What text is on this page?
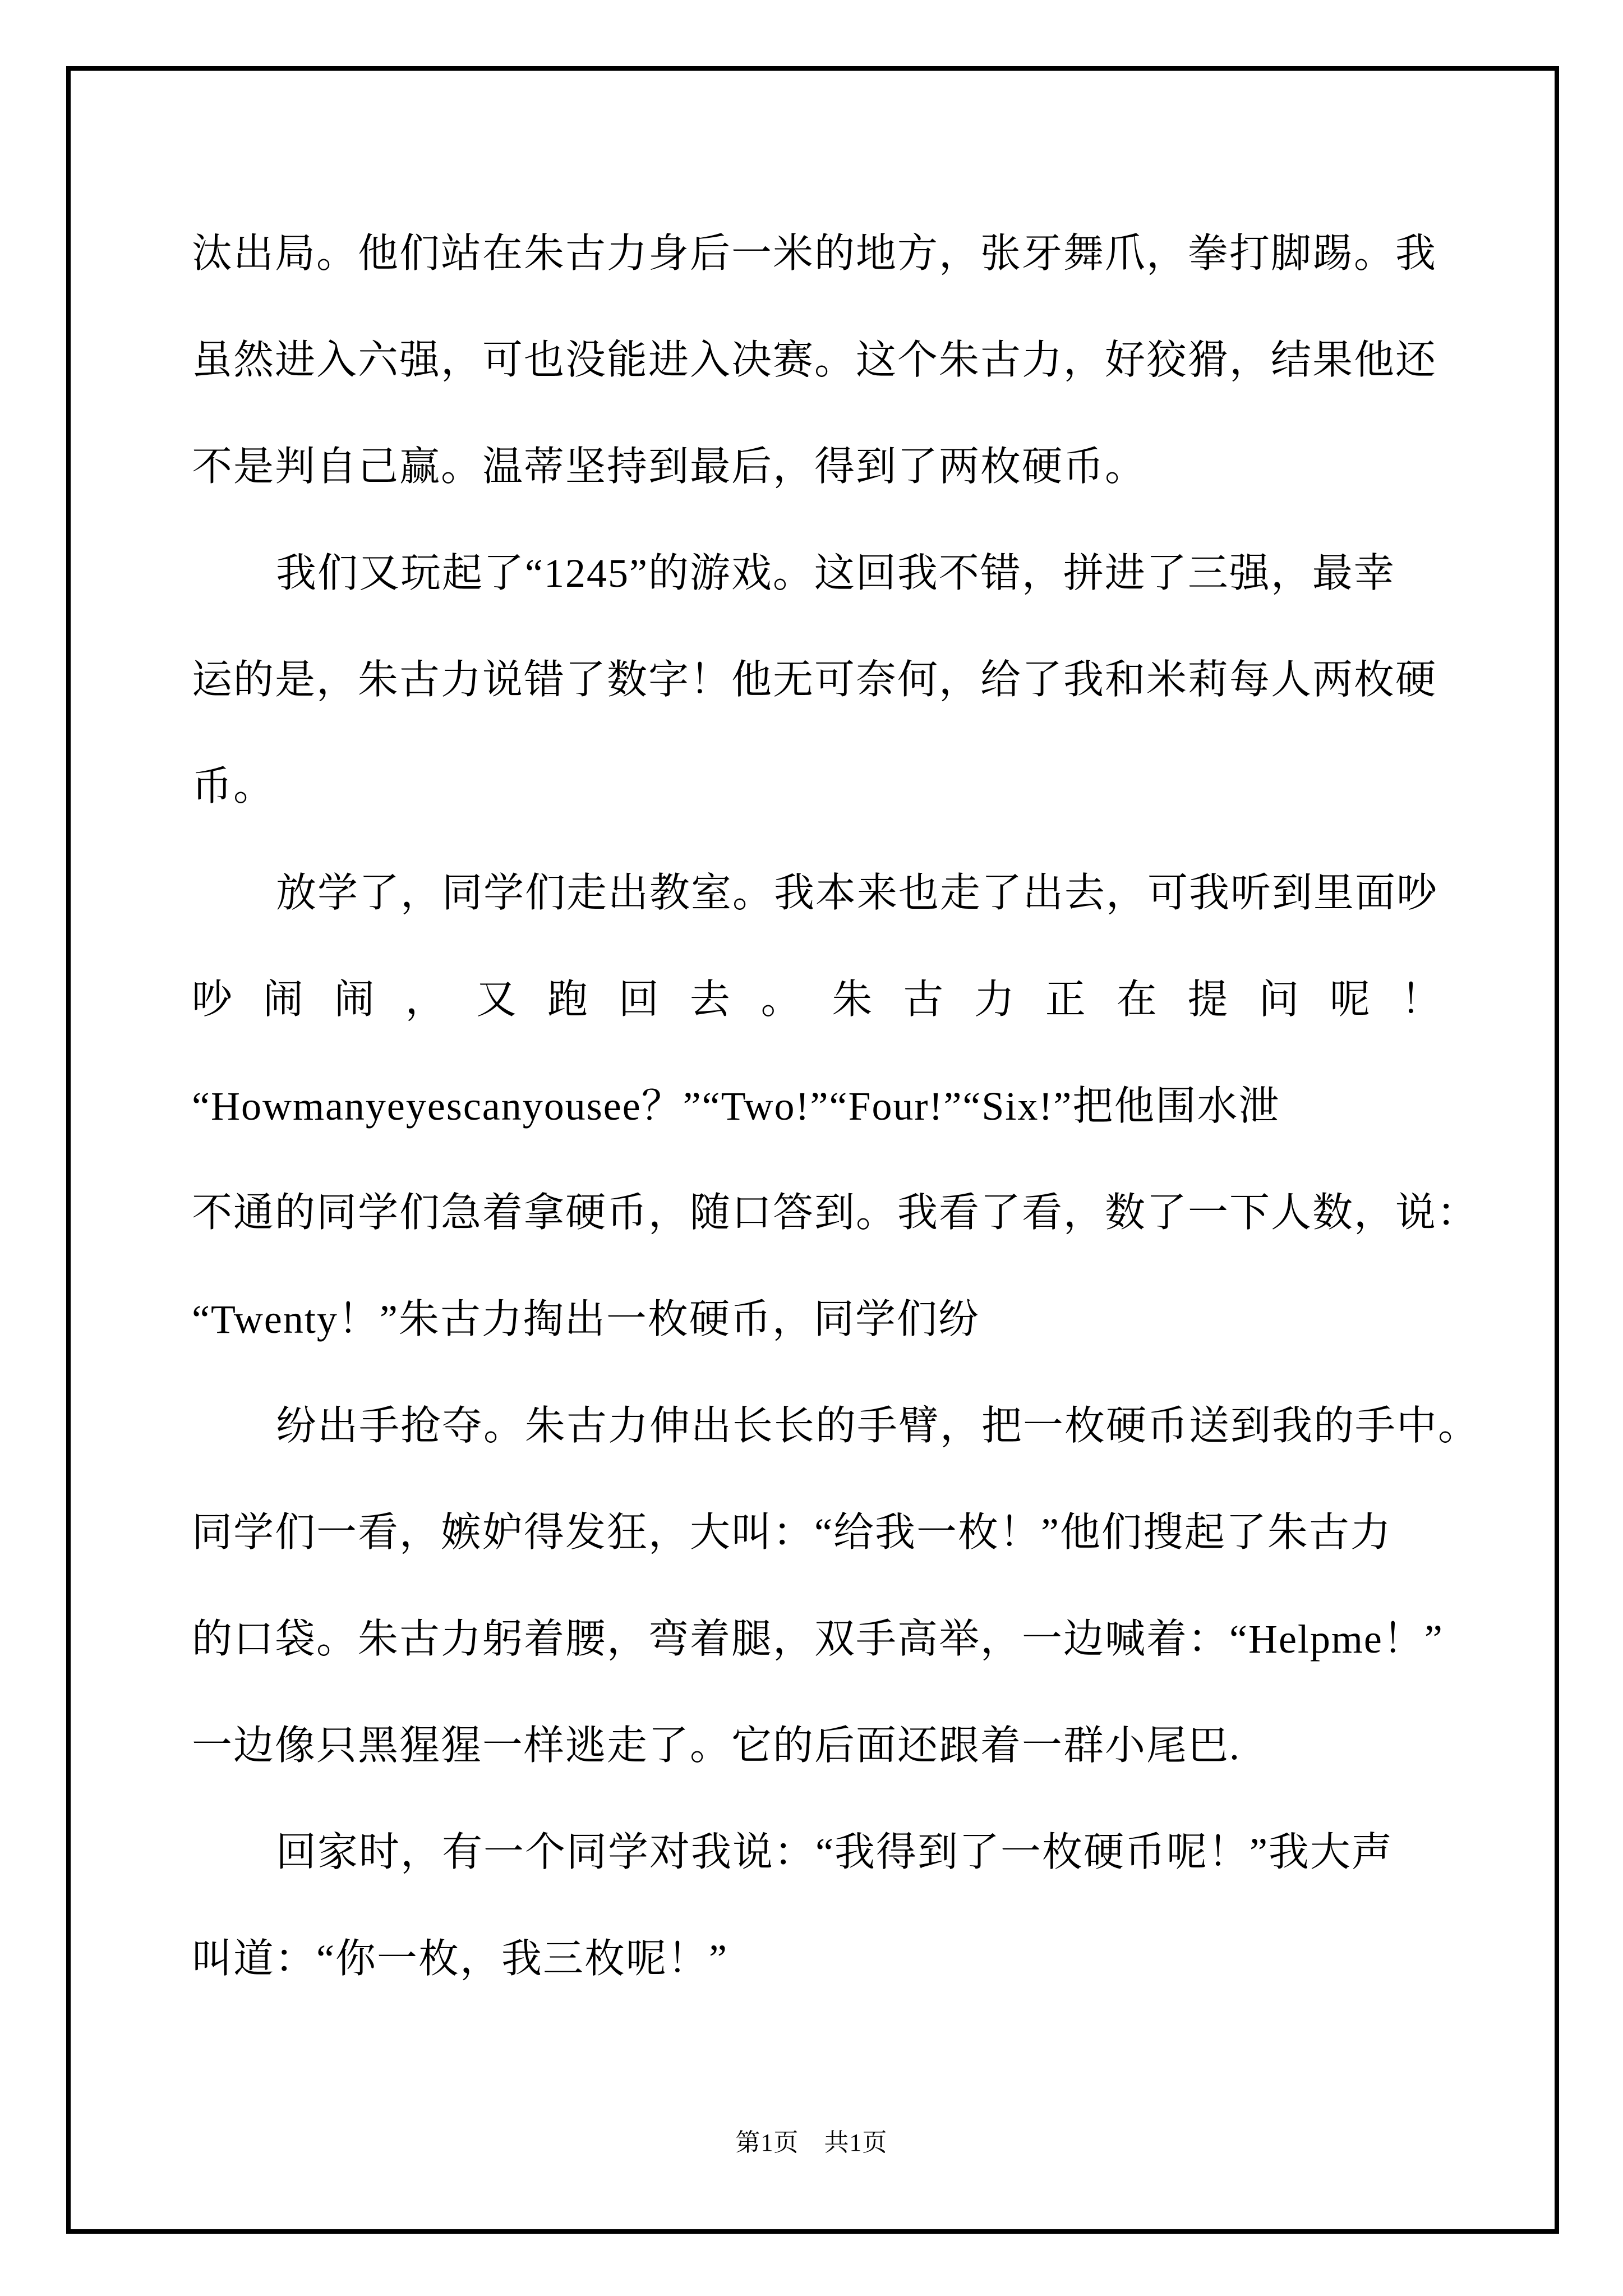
汰出局。他们站在朱古力身后一米的地方，张牙舞爪，拳打脚踢。我
虽然进入六强，可也没能进入决赛。这个朱古力，好狡猾，结果他还
不是判自己赢。温蒂坚持到最后，得到了两枚硬币。
我们又玩起了“1245”的游戏。这回我不错，拼进了三强，最幸
运的是，朱古力说错了数字！他无可奈何，给了我和米莉每人两枚硬
币。
放学了，同学们走出教室。我本来也走了出去，可我听到里面吵
吵闹闹，又跑回去。朱古力正在提问呢！
“Howmanyeyescanyousee？”“Two!”“Four!”“Six!”把他围水泄
不通的同学们急着拿硬币，随口答到。我看了看，数了一下人数，说：
“Twenty！”朱古力掏出一枚硬币，同学们纷
纷出手抢夺。朱古力伸出长长的手臂，把一枚硬币送到我的手中。
同学们一看，嫉妒得发狂，大叫：“给我一枚！”他们搜起了朱古力
的口袋。朱古力躬着腰，弯着腿，双手高举，一边喊着：“Helpme！”
一边像只黑猩猩一样逃走了。它的后面还跟着一群小尾巴.
回家时，有一个同学对我说：“我得到了一枚硬币呢！”我大声
叫道：“你一枚，我三枚呢！”
第1页　共1页
